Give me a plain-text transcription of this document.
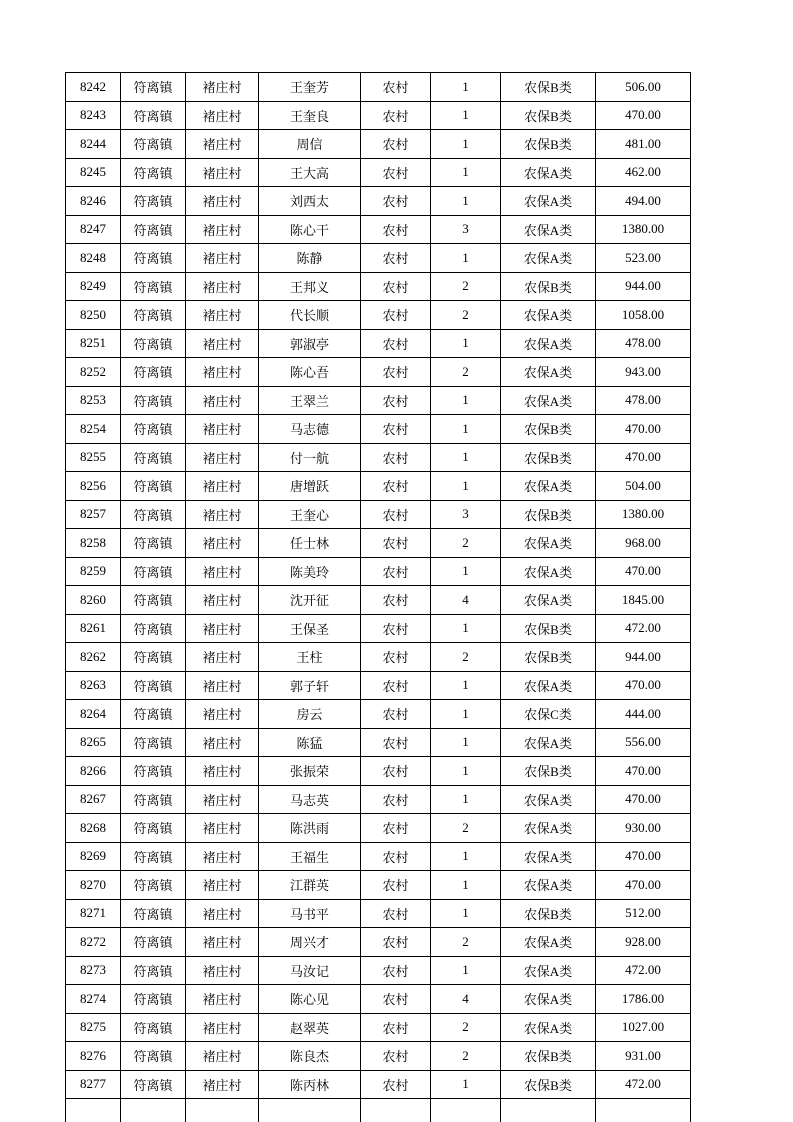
8242	符离镇	褚庄村	王奎芳	农村	1	农保B类	506.00
8243	符离镇	褚庄村	王奎良	农村	1	农保B类	470.00
8244	符离镇	褚庄村	周信	农村	1	农保B类	481.00
8245	符离镇	褚庄村	王大高	农村	1	农保A类	462.00
8246	符离镇	褚庄村	刘西太	农村	1	农保A类	494.00
8247	符离镇	褚庄村	陈心干	农村	3	农保A类	1380.00
8248	符离镇	褚庄村	陈静	农村	1	农保A类	523.00
8249	符离镇	褚庄村	王邦义	农村	2	农保B类	944.00
8250	符离镇	褚庄村	代长顺	农村	2	农保A类	1058.00
8251	符离镇	褚庄村	郭淑亭	农村	1	农保A类	478.00
8252	符离镇	褚庄村	陈心吾	农村	2	农保A类	943.00
8253	符离镇	褚庄村	王翠兰	农村	1	农保A类	478.00
8254	符离镇	褚庄村	马志德	农村	1	农保B类	470.00
8255	符离镇	褚庄村	付一航	农村	1	农保B类	470.00
8256	符离镇	褚庄村	唐增跃	农村	1	农保A类	504.00
8257	符离镇	褚庄村	王奎心	农村	3	农保B类	1380.00
8258	符离镇	褚庄村	任士林	农村	2	农保A类	968.00
8259	符离镇	褚庄村	陈美玲	农村	1	农保A类	470.00
8260	符离镇	褚庄村	沈开征	农村	4	农保A类	1845.00
8261	符离镇	褚庄村	王保圣	农村	1	农保B类	472.00
8262	符离镇	褚庄村	王柱	农村	2	农保B类	944.00
8263	符离镇	褚庄村	郭子轩	农村	1	农保A类	470.00
8264	符离镇	褚庄村	房云	农村	1	农保C类	444.00
8265	符离镇	褚庄村	陈猛	农村	1	农保A类	556.00
8266	符离镇	褚庄村	张振荣	农村	1	农保B类	470.00
8267	符离镇	褚庄村	马志英	农村	1	农保A类	470.00
8268	符离镇	褚庄村	陈洪雨	农村	2	农保A类	930.00
8269	符离镇	褚庄村	王福生	农村	1	农保A类	470.00
8270	符离镇	褚庄村	江群英	农村	1	农保A类	470.00
8271	符离镇	褚庄村	马书平	农村	1	农保B类	512.00
8272	符离镇	褚庄村	周兴才	农村	2	农保A类	928.00
8273	符离镇	褚庄村	马汝记	农村	1	农保A类	472.00
8274	符离镇	褚庄村	陈心见	农村	4	农保A类	1786.00
8275	符离镇	褚庄村	赵翠英	农村	2	农保A类	1027.00
8276	符离镇	褚庄村	陈良杰	农村	2	农保B类	931.00
8277	符离镇	褚庄村	陈丙林	农村	1	农保B类	472.00
